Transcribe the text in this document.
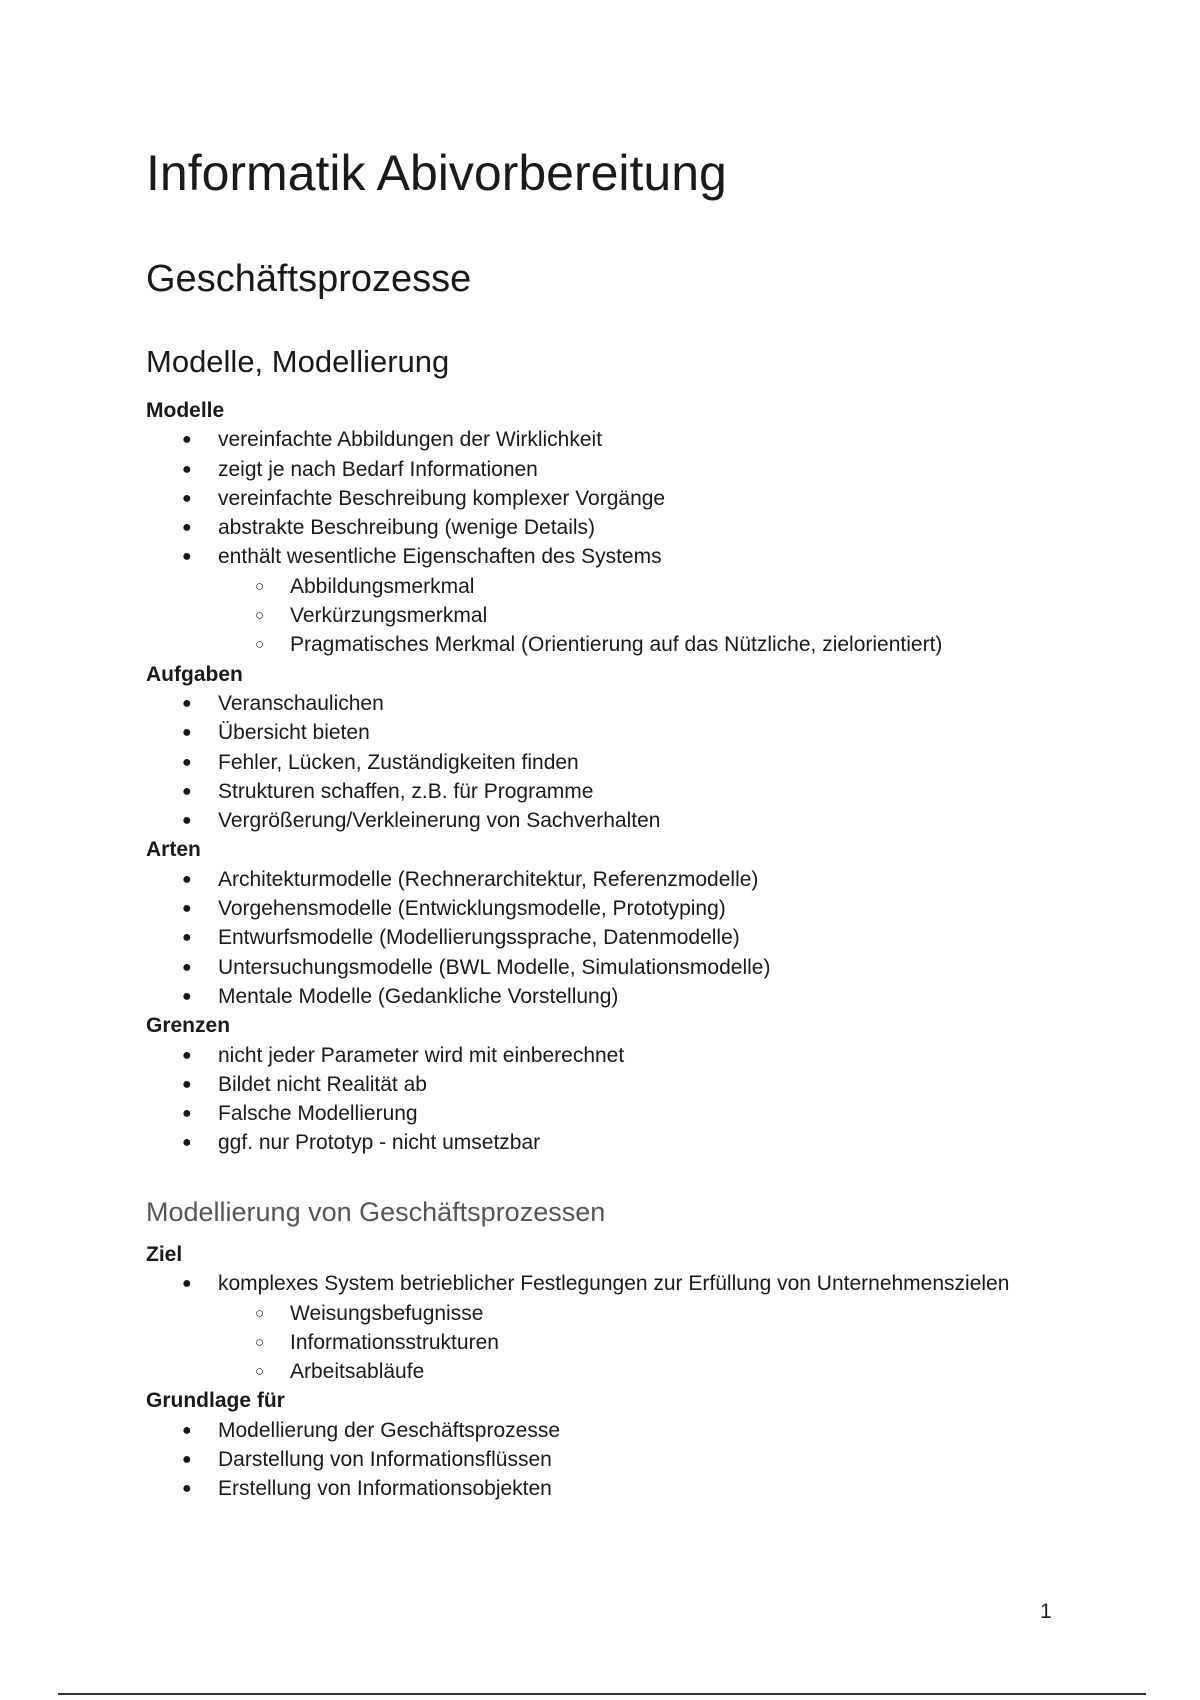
Informatik Abivorbereitung
Geschäftsprozesse
Modelle, Modellierung
Modelle
● vereinfachte Abbildungen der Wirklichkeit
● zeigt je nach Bedarf Informationen
● vereinfachte Beschreibung komplexer Vorgänge
● abstrakte Beschreibung (wenige Details)
● enthält wesentliche Eigenschaften des Systems
○ Abbildungsmerkmal
○ Verkürzungsmerkmal
○ Pragmatisches Merkmal (Orientierung auf das Nützliche, zielorientiert)
Aufgaben
● Veranschaulichen
● Übersicht bieten
● Fehler, Lücken, Zuständigkeiten finden
● Strukturen schaffen, z.B. für Programme
● Vergrößerung/Verkleinerung von Sachverhalten
Arten
● Architekturmodelle (Rechnerarchitektur, Referenzmodelle)
● Vorgehensmodelle (Entwicklungsmodelle, Prototyping)
● Entwurfsmodelle (Modellierungssprache, Datenmodelle)
● Untersuchungsmodelle (BWL Modelle, Simulationsmodelle)
● Mentale Modelle (Gedankliche Vorstellung)
Grenzen
● nicht jeder Parameter wird mit einberechnet
● Bildet nicht Realität ab
● Falsche Modellierung
● ggf. nur Prototyp - nicht umsetzbar
Modellierung von Geschäftsprozessen
Ziel
● komplexes System betrieblicher Festlegungen zur Erfüllung von Unternehmenszielen
○ Weisungsbefugnisse
○ Informationsstrukturen
○ Arbeitsabläufe
Grundlage für
● Modellierung der Geschäftsprozesse
● Darstellung von Informationsflüssen
● Erstellung von Informationsobjekten
1
